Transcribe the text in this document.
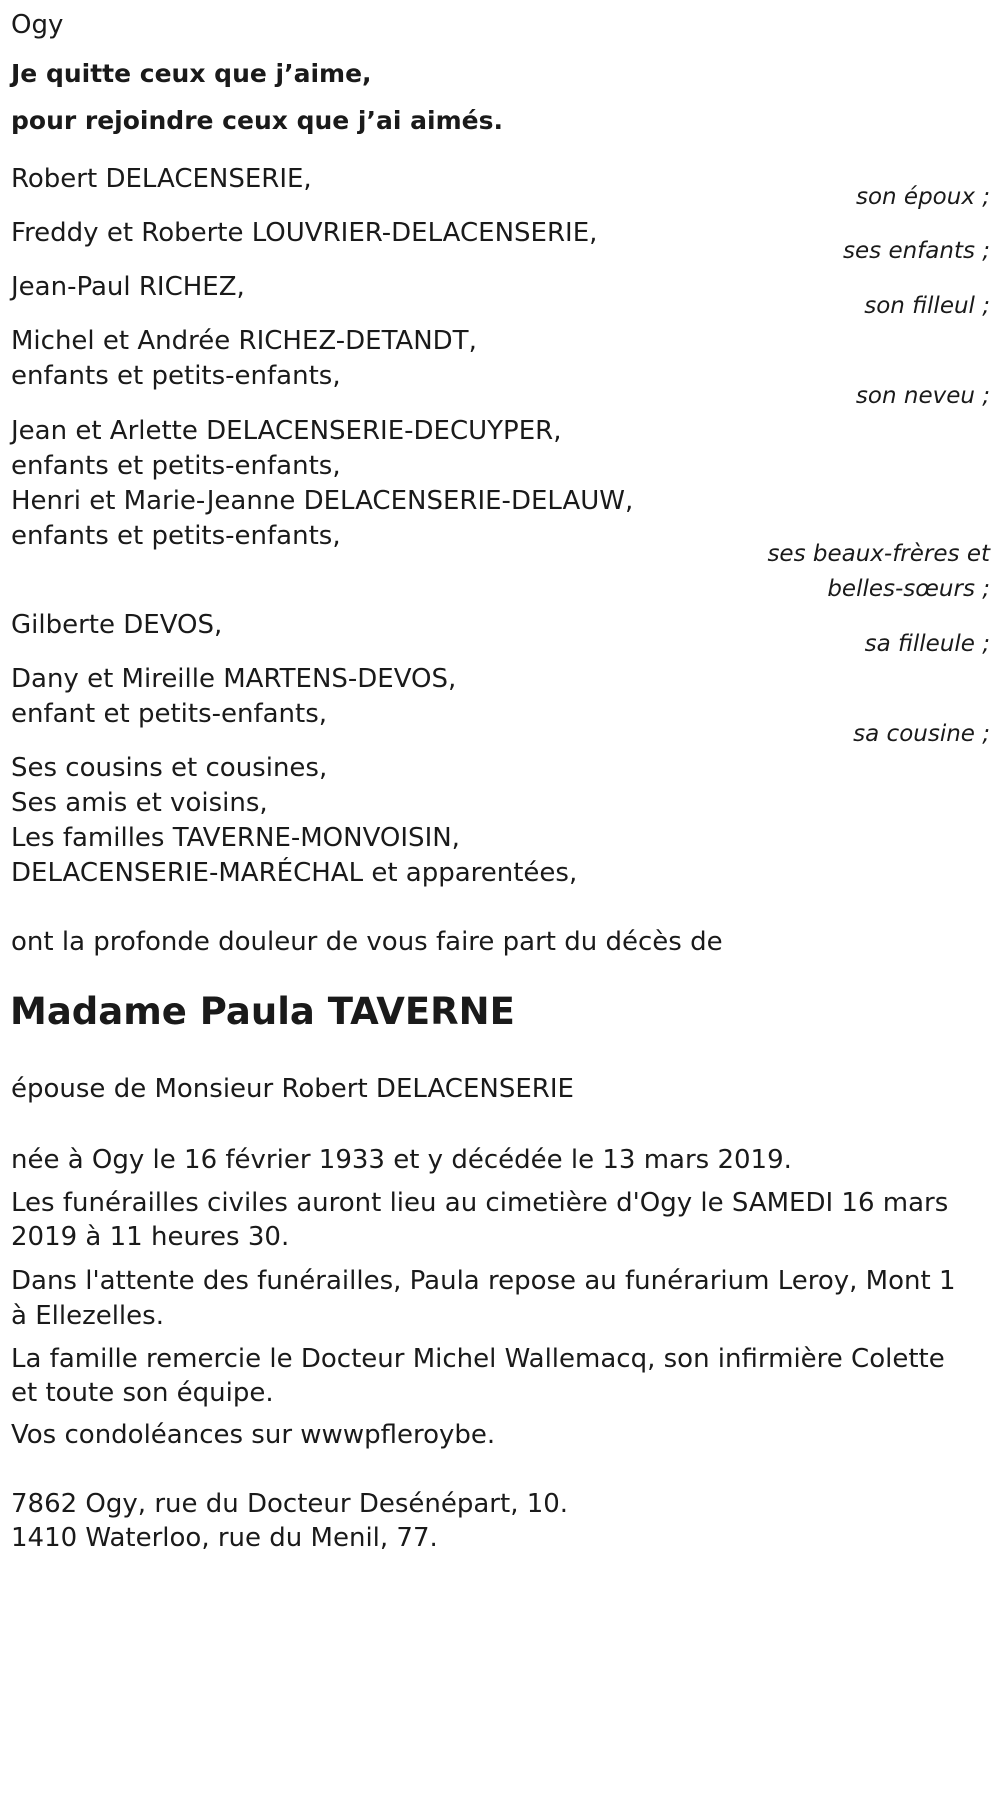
Ogy
Je quitte ceux que j’aime,
pour rejoindre ceux que j’ai aimés.
Robert DELACENSERIE,
Freddy et Roberte LOUVRIER-DELACENSERIE,
Jean-Paul RICHEZ,
Michel et Andrée RICHEZ-DETANDT,
enfants et petits-enfants,
Jean et Arlette DELACENSERIE-DECUYPER,
enfants et petits-enfants,
Henri et Marie-Jeanne DELACENSERIE-DELAUW,
enfants et petits-enfants,
Gilberte DEVOS,
Dany et Mireille MARTENS-DEVOS,
enfant et petits-enfants,
son époux ;
ses enfants ;
son filleul ;
son neveu ;
ses beaux-frères et
belles-sœurs ;
sa filleule ;
sa cousine ;
Ses cousins et cousines,
Ses amis et voisins,
Les familles TAVERNE-MONVOISIN,
DELACENSERIE-MARÉCHAL et apparentées,
ont la profonde douleur de vous faire part du décès de
Madame Paula TAVERNE
épouse de Monsieur Robert DELACENSERIE
née à Ogy le 16 février 1933 et y décédée le 13 mars 2019.
Les funérailles civiles auront lieu au cimetière d'Ogy le SAMEDI 16 mars
2019 à 11 heures 30.
Dans l'attente des funérailles, Paula repose au funérarium Leroy, Mont 1
à Ellezelles.
La famille remercie le Docteur Michel Wallemacq, son infirmière Colette
et toute son équipe.
Vos condoléances sur wwwpfleroybe.
7862 Ogy, rue du Docteur Desénépart, 10.
1410 Waterloo, rue du Menil, 77.
